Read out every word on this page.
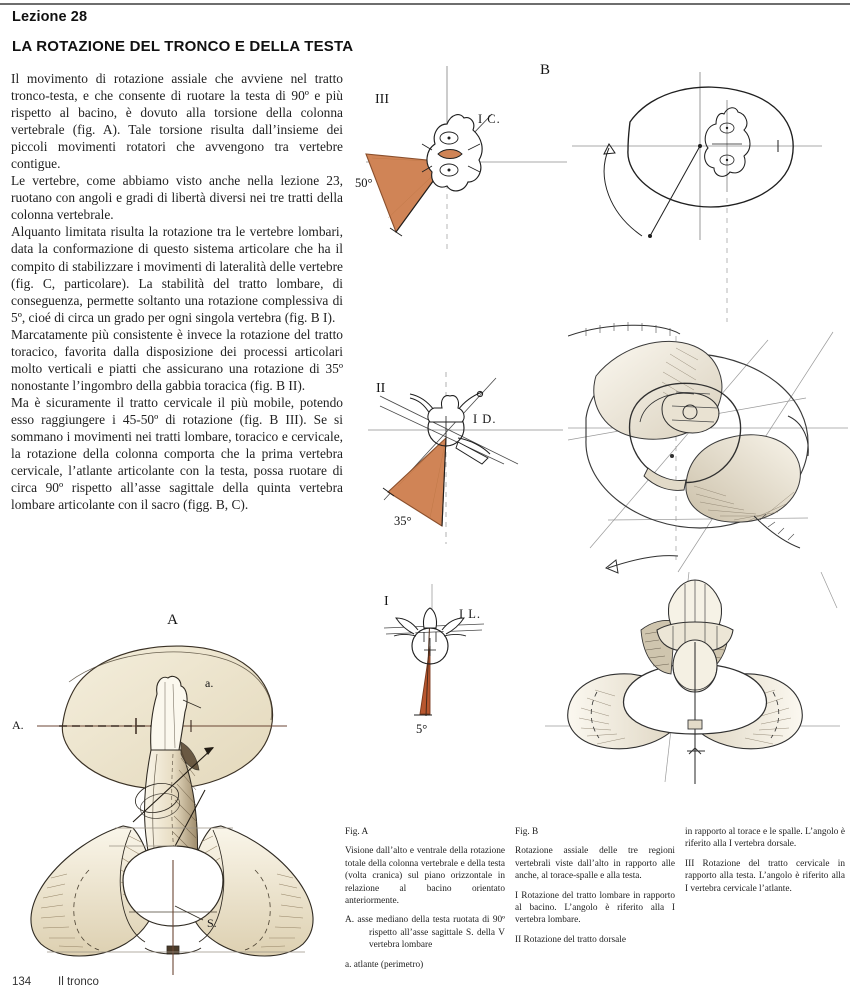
Lezione 28
LA ROTAZIONE DEL TRONCO E DELLA TESTA

Il movimento di rotazione assiale che avviene nel tratto tronco-testa, e che consente di ruotare la testa di 90º e più rispetto al bacino, è dovuto alla torsione della colonna vertebrale (fig. A). Tale torsione risulta dall’insieme dei piccoli movimenti rotatori che avvengono tra vertebre contigue.

Le vertebre, come abbiamo visto anche nella lezione 23, ruotano con angoli e gradi di libertà diversi nei tre tratti della colonna vertebrale.

Alquanto limitata risulta la rotazione tra le vertebre lombari, data la conformazione di questo sistema articolare che ha il compito di stabilizzare i movimenti di lateralità delle vertebre (fig. C, particolare). La stabilità del tratto lombare, di conseguenza, permette soltanto una rotazione complessiva di 5º, cioé di circa un grado per ogni singola vertebra (fig. B I).

Marcatamente più consistente è invece la rotazione del tratto toracico, favorita dalla disposizione dei processi articolari molto verticali e piatti che assicurano una rotazione di 35º nonostante l’ingombro della gabbia toracica (fig. B II).

Ma è sicuramente il tratto cervicale il più mobile, potendo esso raggiungere i 45-50º di rotazione (fig. B III). Se si sommano i movimenti nei tratti lombare, toracico e cervicale, la rotazione della colonna comporta che la prima vertebra cervicale, l’atlante articolante con la testa, possa ruotare di circa 90º rispetto all’asse sagittale della quinta vertebra lombare articolante con il sacro (figg. B, C).

A
A.
a.
S.
B
III
I C.
50°
II
I D.
35°
I
I L.
5°

Fig. A

Visione dall’alto e ventrale della rotazione totale della colonna vertebrale e della testa (volta cranica) sul piano orizzontale in relazione al bacino orientato anteriormente.

A. asse mediano della testa ruotata di 90º rispetto all’asse sagittale S. della V vertebra lombare

a. atlante (perimetro)

Fig. B

Rotazione assiale delle tre regioni vertebrali viste dall’alto in rapporto alle anche, al torace-spalle e alla testa.

I Rotazione del tratto lombare in rapporto al bacino. L’angolo è riferito alla I vertebra lombare.

II Rotazione del tratto dorsale

in rapporto al torace e le spalle. L’angolo è riferito alla I vertebra dorsale.

III Rotazione del tratto cervicale in rapporto alla testa. L’angolo è riferito alla I vertebra cervicale l’atlante.

134 Il tronco
